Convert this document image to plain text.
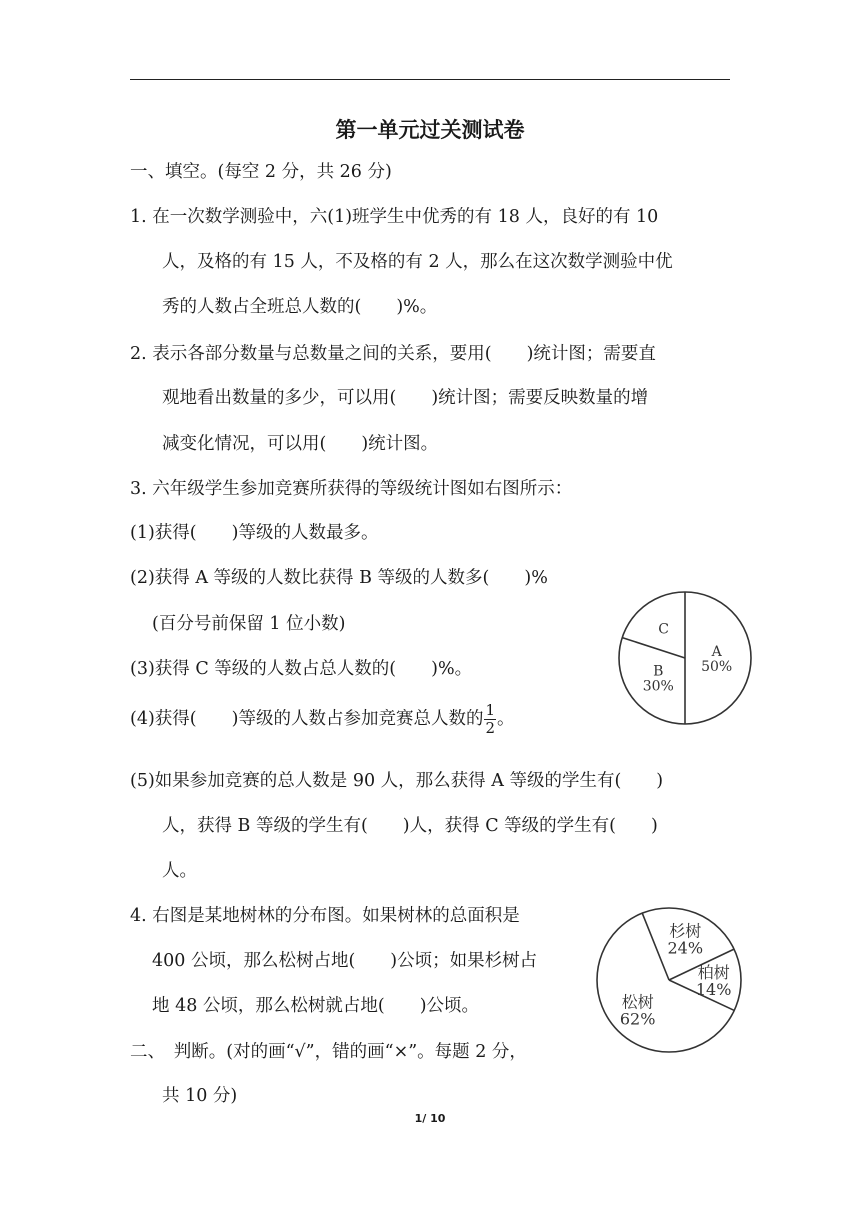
第一单元过关测试卷
一、填空。(每空 2 分，共 26 分)
1. 在一次数学测验中，六(1)班学生中优秀的有 18 人，良好的有 10
人，及格的有 15 人，不及格的有 2 人，那么在这次数学测验中优
秀的人数占全班总人数的(　　)%。
2. 表示各部分数量与总数量之间的关系，要用(　　)统计图；需要直
观地看出数量的多少，可以用(　　)统计图；需要反映数量的增
减变化情况，可以用(　　)统计图。
3. 六年级学生参加竞赛所获得的等级统计图如右图所示：
(1)获得(　　)等级的人数最多。
(2)获得 A 等级的人数比获得 B 等级的人数多(　　)%
(百分号前保留 1 位小数)
(3)获得 C 等级的人数占总人数的(　　)%。
(4)获得(　　)等级的人数占参加竞赛总人数的 $\frac{1}{2}$ 。
(5)如果参加竞赛的总人数是 90 人，那么获得 A 等级的学生有(　　)
人，获得 B 等级的学生有(　　)人，获得 C 等级的学生有(　　)
人。
4. 右图是某地树林的分布图。如果树林的总面积是
400 公顷，那么松树占地(　　)公顷；如果杉树占
地 48 公顷，那么松树就占地(　　)公顷。
二、　判断。(对的画“√”，错的画“×”。每题 2 分，
共 10 分)
A
50%
B
30%
C
松树
62%
杉树
24%
柏树
14%
1/ 10
